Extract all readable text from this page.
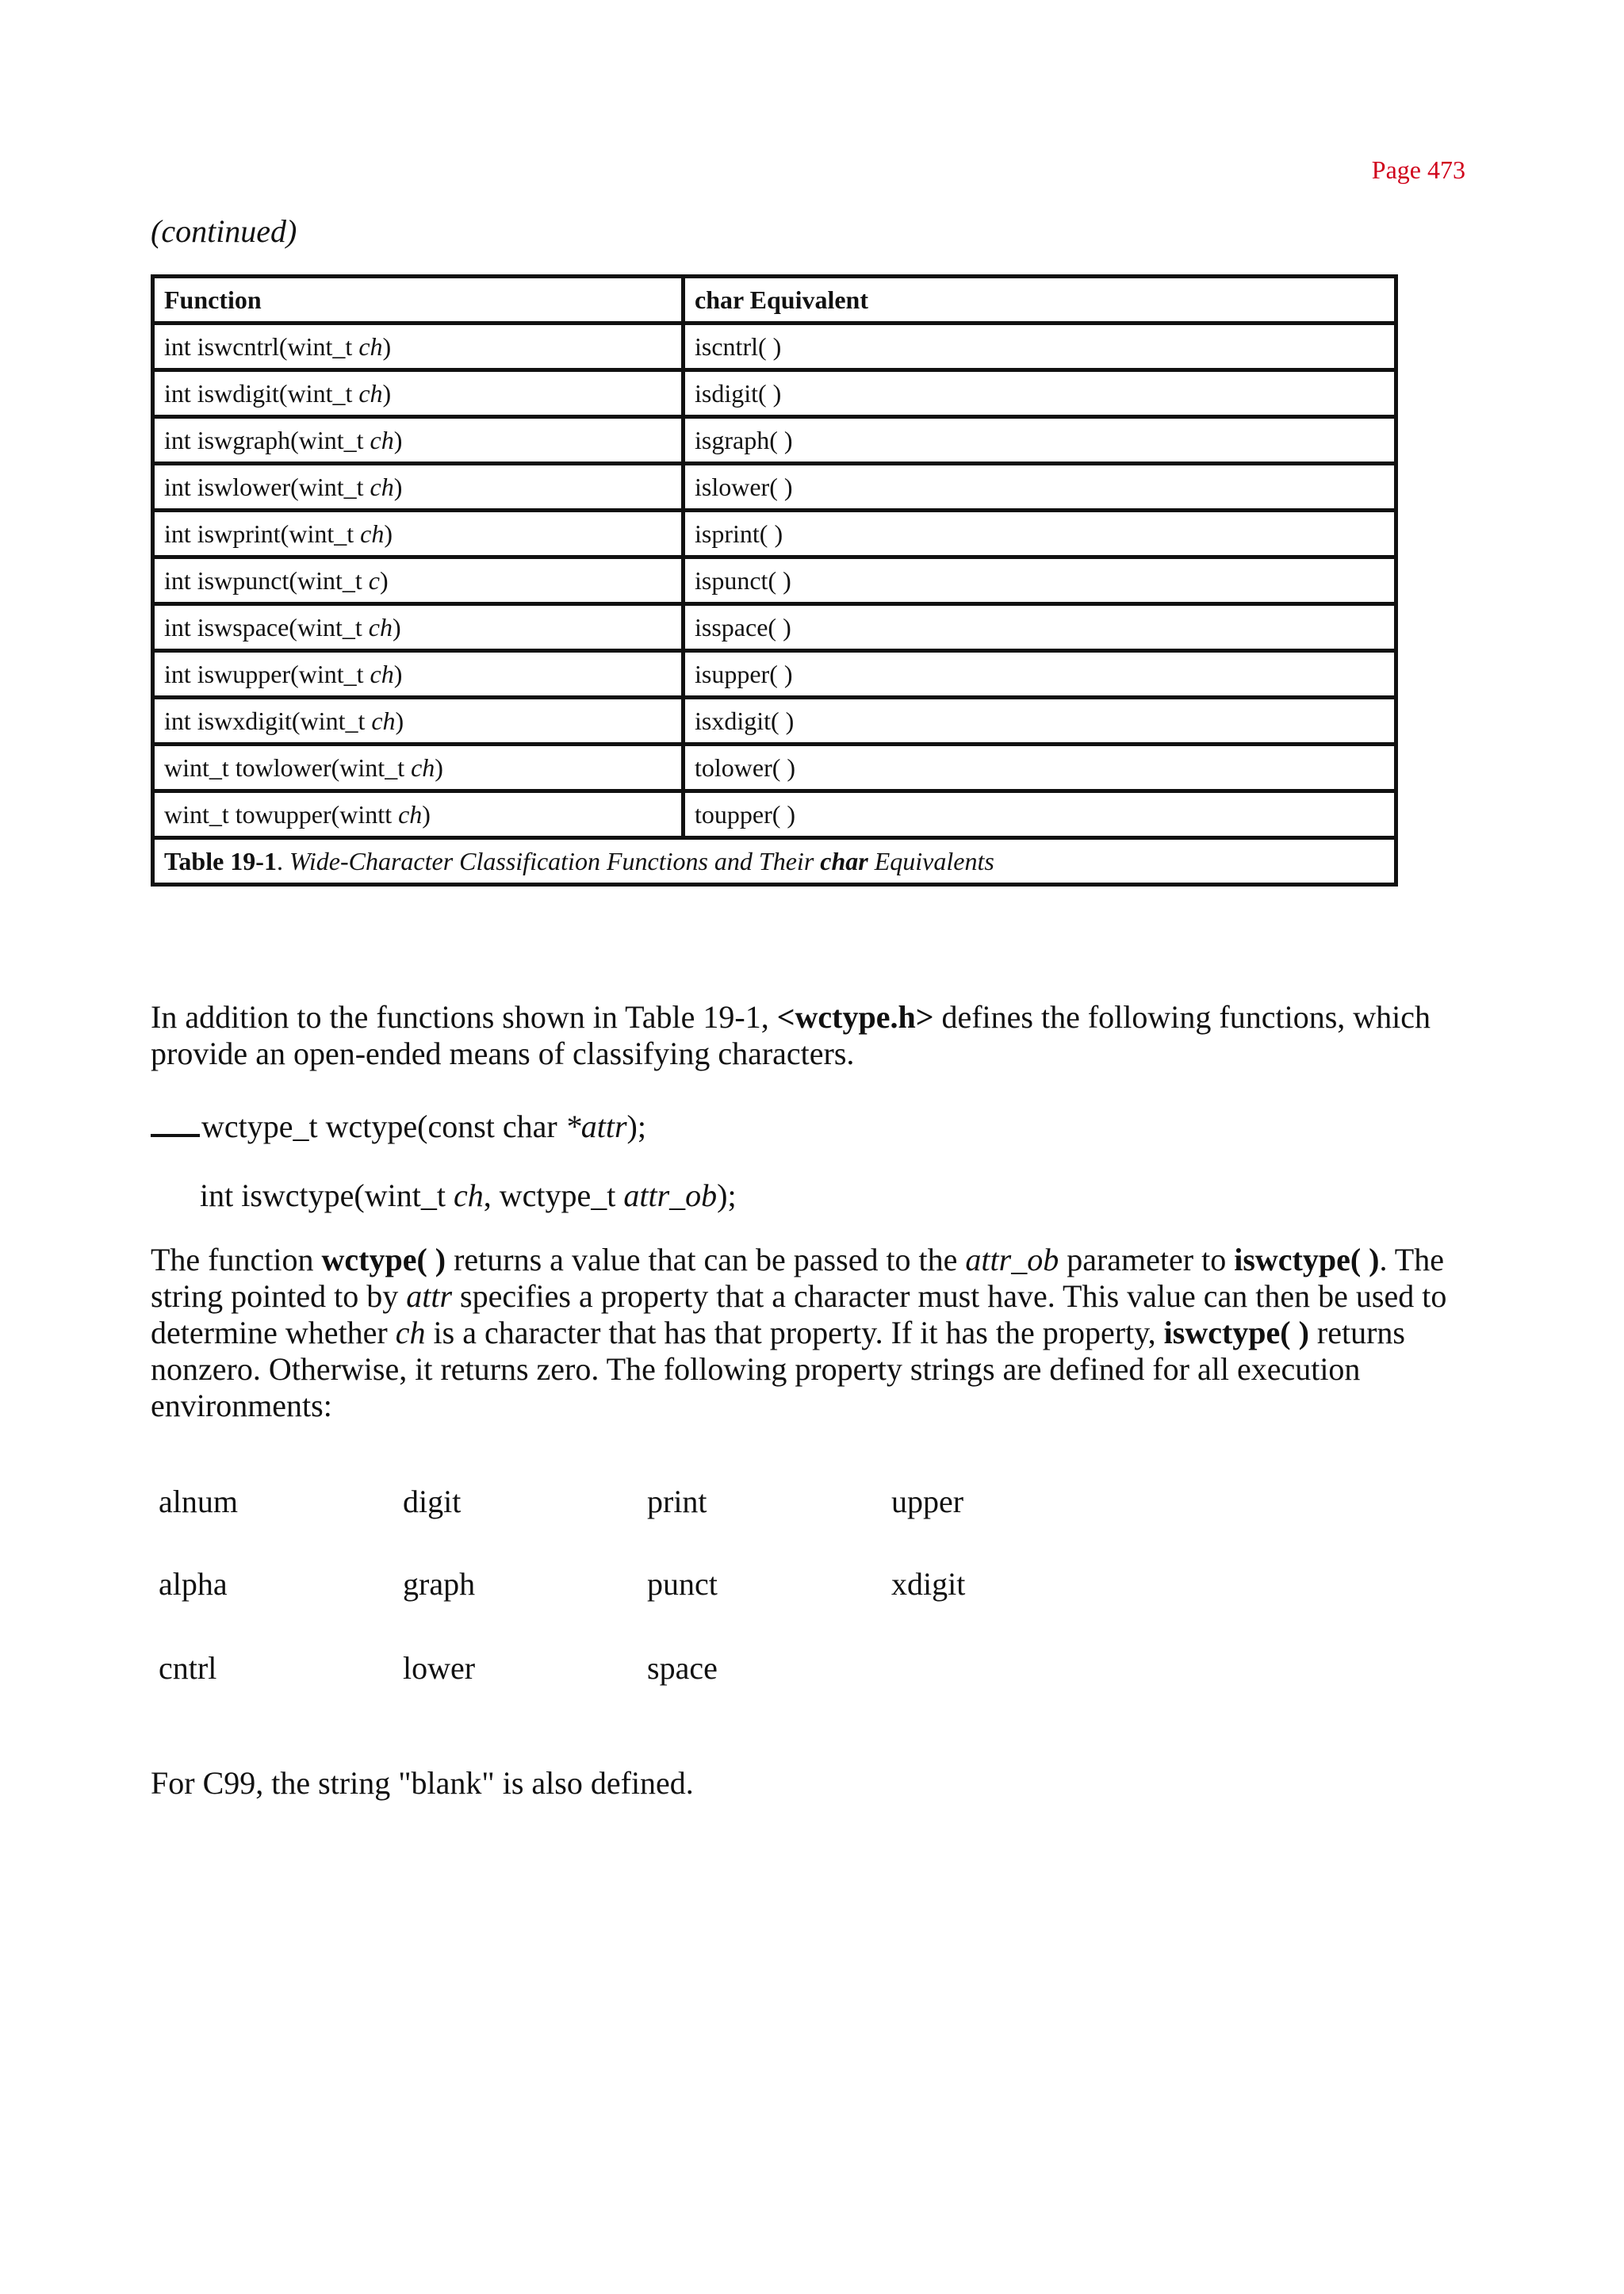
Page 473
(continued)
Function	char Equivalent
int iswcntrl(wint_t ch)	iscntrl( )
int iswdigit(wint_t ch)	isdigit( )
int iswgraph(wint_t ch)	isgraph( )
int iswlower(wint_t ch)	islower( )
int iswprint(wint_t ch)	isprint( )
int iswpunct(wint_t c)	ispunct( )
int iswspace(wint_t ch)	isspace( )
int iswupper(wint_t ch)	isupper( )
int iswxdigit(wint_t ch)	isxdigit( )
wint_t towlower(wint_t ch)	tolower( )
wint_t towupper(wintt ch)	toupper( )
Table 19-1. Wide-Character Classification Functions and Their char Equivalents	
In addition to the functions shown in Table 19-1, <wctype.h> defines the following functions, which provide an open-ended means of classifying characters.
wctype_t wctype(const char *attr);
int iswctype(wint_t ch, wctype_t attr_ob);
The function wctype( ) returns a value that can be passed to the attr_ob parameter to iswctype( ). The string pointed to by attr specifies a property that a character must have. This value can then be used to determine whether ch is a character that has that property. If it has the property, iswctype( ) returns nonzero. Otherwise, it returns zero. The following property strings are defined for all execution environments:
alnum	digit	print	upper
alpha	graph	punct	xdigit
cntrl	lower	space
For C99, the string "blank" is also defined.
